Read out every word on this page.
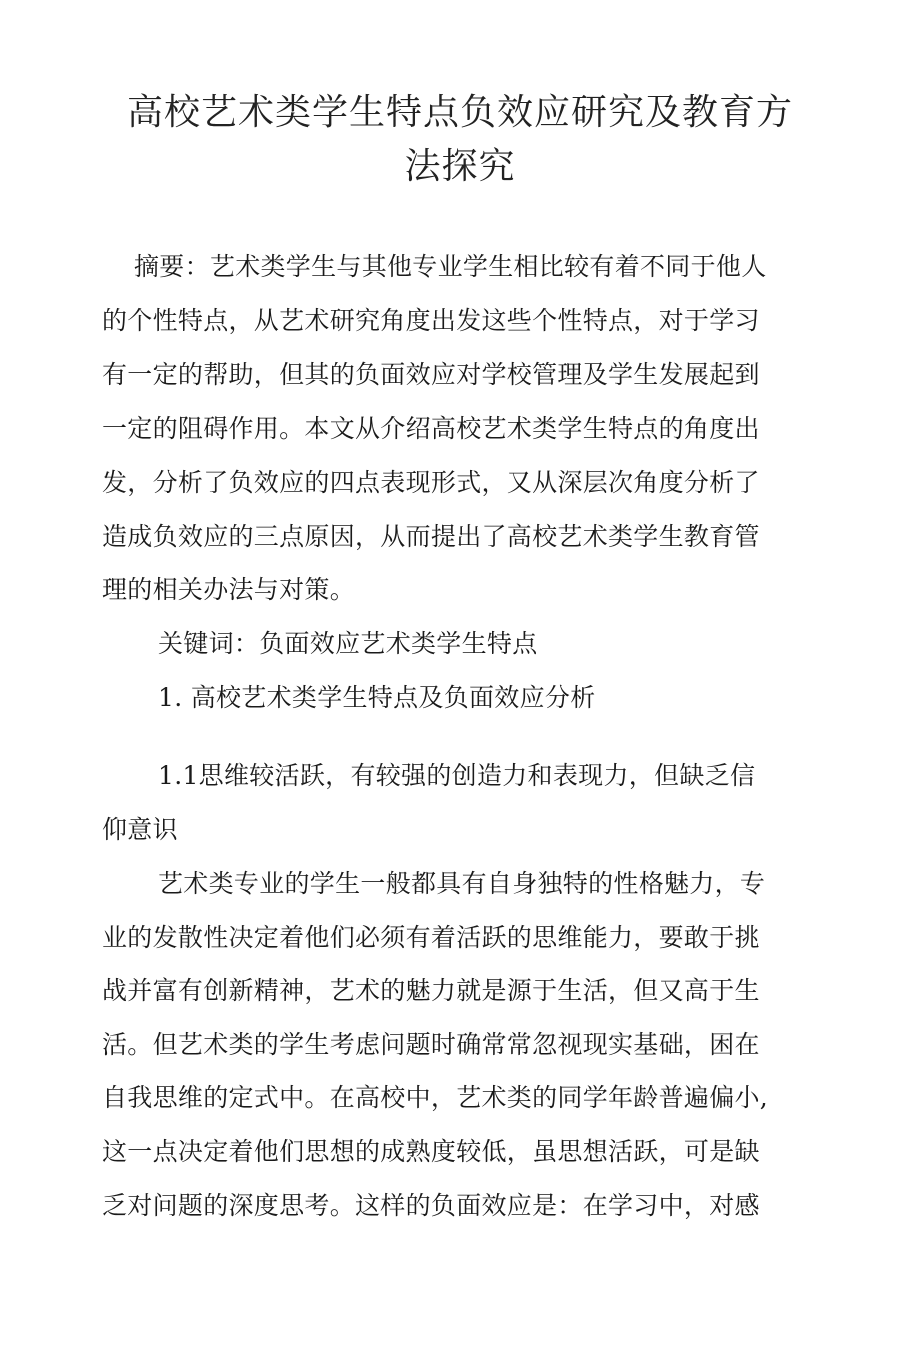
高校艺术类学生特点负效应研究及教育方
法探究

摘要：艺术类学生与其他专业学生相比较有着不同于他人

的个性特点，从艺术研究角度出发这些个性特点，对于学习

有一定的帮助，但其的负面效应对学校管理及学生发展起到

一定的阻碍作用。本文从介绍高校艺术类学生特点的角度出

发，分析了负效应的四点表现形式，又从深层次角度分析了

造成负效应的三点原因，从而提出了高校艺术类学生教育管

理的相关办法与对策。

关键词：负面效应艺术类学生特点

1. 高校艺术类学生特点及负面效应分析

1.1思维较活跃，有较强的创造力和表现力，但缺乏信

仰意识

艺术类专业的学生一般都具有自身独特的性格魅力，专

业的发散性决定着他们必须有着活跃的思维能力，要敢于挑

战并富有创新精神，艺术的魅力就是源于生活，但又高于生

活。但艺术类的学生考虑问题时确常常忽视现实基础，困在

自我思维的定式中。在高校中，艺术类的同学年龄普遍偏小,

这一点决定着他们思想的成熟度较低，虽思想活跃，可是缺

乏对问题的深度思考。这样的负面效应是：在学习中，对感
